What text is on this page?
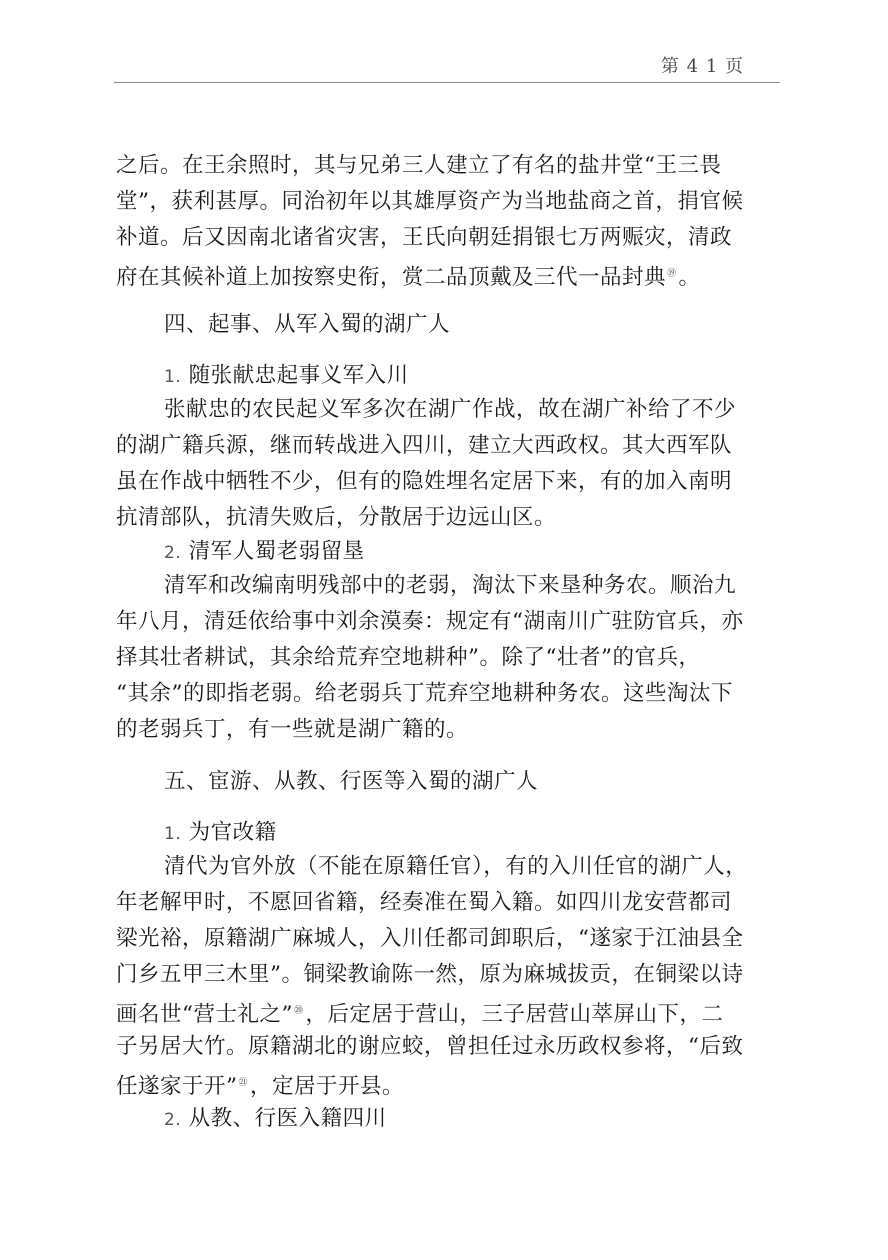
第 4 1 页
之后。在王余照时，其与兄弟三人建立了有名的盐井堂“王三畏
堂”，获利甚厚。同治初年以其雄厚资产为当地盐商之首，捐官候
补道。后又因南北诸省灾害，王氏向朝廷捐银七万两赈灾，清政
府在其候补道上加按察史衔，赏二品顶戴及三代一品封典⑲。
四、起事、从军入蜀的湖广人
1. 随张献忠起事义军入川
张献忠的农民起义军多次在湖广作战，故在湖广补给了不少
的湖广籍兵源，继而转战进入四川，建立大西政权。其大西军队
虽在作战中牺牲不少，但有的隐姓埋名定居下来，有的加入南明
抗清部队，抗清失败后，分散居于边远山区。
2. 清军人蜀老弱留垦
清军和改编南明残部中的老弱，淘汰下来垦种务农。顺治九
年八月，清廷依给事中刘余漠奏：规定有“湖南川广驻防官兵，亦
择其壮者耕试，其余给荒弃空地耕种”。除了“壮者”的官兵，
“其余”的即指老弱。给老弱兵丁荒弃空地耕种务农。这些淘汰下
的老弱兵丁，有一些就是湖广籍的。
五、宦游、从教、行医等入蜀的湖广人
1. 为官改籍
清代为官外放（不能在原籍任官），有的入川任官的湖广人，
年老解甲时，不愿回省籍，经奏准在蜀入籍。如四川龙安营都司
梁光裕，原籍湖广麻城人，入川任都司卸职后，“遂家于江油县全
门乡五甲三木里”。铜梁教谕陈一然，原为麻城拔贡，在铜梁以诗
画名世“营士礼之”⑳，后定居于营山，三子居营山萃屏山下，二
子另居大竹。原籍湖北的谢应蛟，曾担任过永历政权参将，“后致
任遂家于开”$^㉑$，定居于开县。
2. 从教、行医入籍四川
